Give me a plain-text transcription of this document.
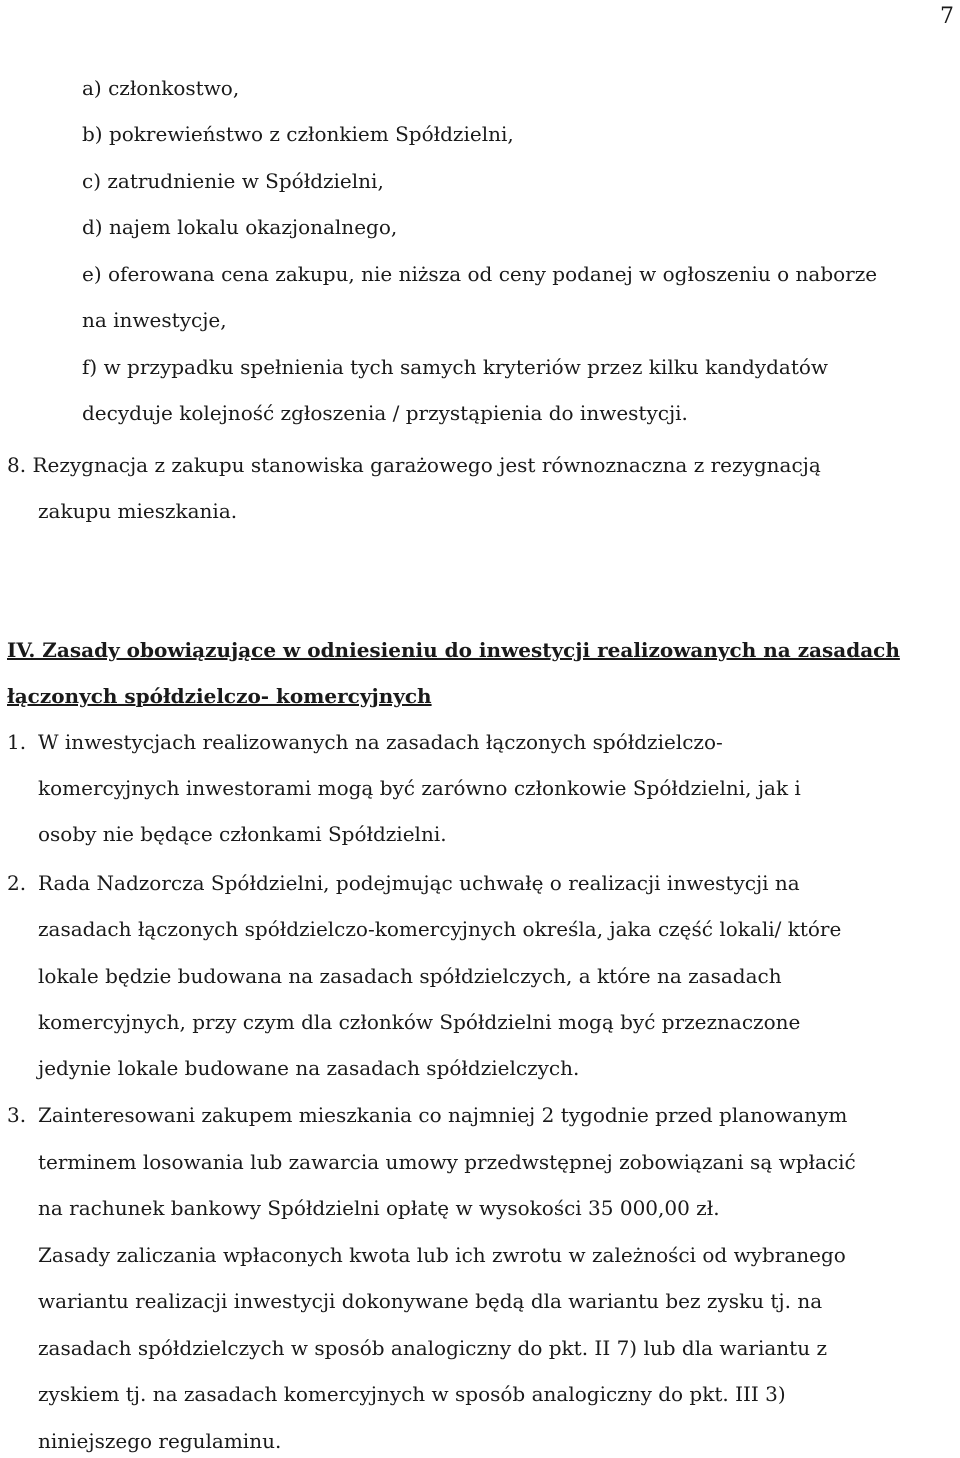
7
a) członkostwo,
b) pokrewieństwo z członkiem Spółdzielni,
c) zatrudnienie w Spółdzielni,
d) najem lokalu okazjonalnego,
e) oferowana cena zakupu, nie niższa od ceny podanej w ogłoszeniu o naborze
na inwestycje,
f) w przypadku spełnienia tych samych kryteriów przez kilku kandydatów
decyduje kolejność zgłoszenia / przystąpienia do inwestycji.
8. Rezygnacja z zakupu stanowiska garażowego jest równoznaczna z rezygnacją
zakupu mieszkania.
IV. Zasady obowiązujące w odniesieniu do inwestycji realizowanych na zasadach
łączonych spółdzielczo- komercyjnych
1. W inwestycjach realizowanych na zasadach łączonych spółdzielczo-
komercyjnych inwestorami mogą być zarówno członkowie Spółdzielni, jak i
osoby nie będące członkami Spółdzielni.
2. Rada Nadzorcza Spółdzielni, podejmując uchwałę o realizacji inwestycji na
zasadach łączonych spółdzielczo-komercyjnych określa, jaka część lokali/ które
lokale będzie budowana na zasadach spółdzielczych, a które na zasadach
komercyjnych, przy czym dla członków Spółdzielni mogą być przeznaczone
jedynie lokale budowane na zasadach spółdzielczych.
3. Zainteresowani zakupem mieszkania co najmniej 2 tygodnie przed planowanym
terminem losowania lub zawarcia umowy przedwstępnej zobowiązani są wpłacić
na rachunek bankowy Spółdzielni opłatę w wysokości 35 000,00 zł.
Zasady zaliczania wpłaconych kwota lub ich zwrotu w zależności od wybranego
wariantu realizacji inwestycji dokonywane będą dla wariantu bez zysku tj. na
zasadach spółdzielczych w sposób analogiczny do pkt. II 7) lub dla wariantu z
zyskiem tj. na zasadach komercyjnych w sposób analogiczny do pkt. III 3)
niniejszego regulaminu.
